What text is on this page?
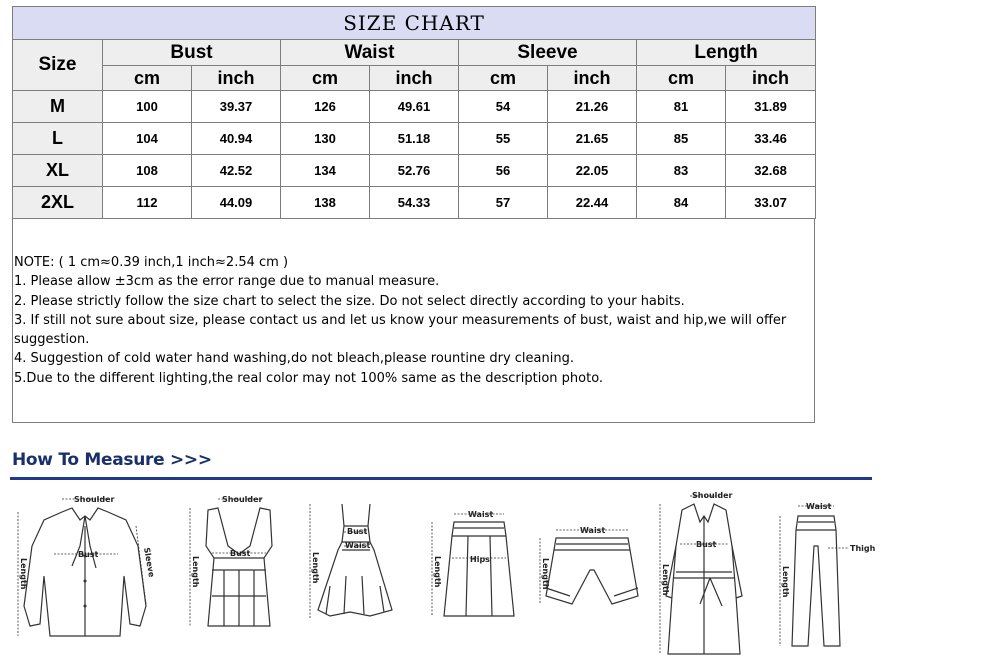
SIZE CHART								
Size	Bust		Waist		Sleeve		Length	
	cm	inch	cm	inch	cm	inch	cm	inch
M	100	39.37	126	49.61	54	21.26	81	31.89
L	104	40.94	130	51.18	55	21.65	85	33.46
XL	108	42.52	134	52.76	56	22.05	83	32.68
2XL	112	44.09	138	54.33	57	22.44	84	33.07
NOTE: ( 1 cm≈0.39 inch,1 inch≈2.54 cm )
1. Please allow ±3cm as the error range due to manual measure.
2. Please strictly follow the size chart to select the size. Do not select directly according to your habits.
3. If still not sure about size, please contact us and let us know your measurements of bust, waist and hip,we will offer
suggestion.
4. Suggestion of cold water hand washing,do not bleach,please rountine dry cleaning.
5.Due to the different lighting,the real color may not 100% same as the description photo.
How To Measure >>>
Shoulder
Bust	Sleeve
Length
Shoulder
Bust
Length
Bust
Waist
Length
Waist
Hips
Length
Waist
Length
Shoulder
Bust
Length
Waist
Thigh
Length
